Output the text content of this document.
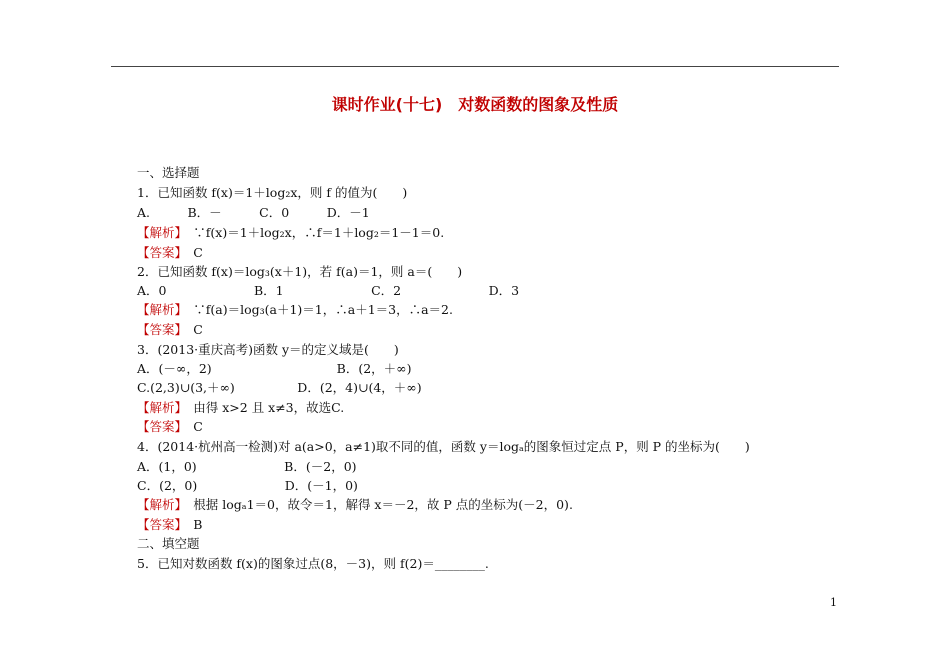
课时作业(十七)　对数函数的图象及性质
一、选择题
1．已知函数 f(x)＝1＋log₂x，则 f 的值为(　　)
A.　　　B．－　　　C．0　　　D．－1
【解析】　∵f(x)＝1＋log₂x，∴f＝1＋log₂＝1－1＝0.
【答案】　C
2．已知函数 f(x)＝log₃(x＋1)，若 f(a)＝1，则 a＝(　　)
A．0　　　　　　　B．1　　　　　　　C．2　　　　　　　D．3
【解析】　∵f(a)＝log₃(a＋1)＝1，∴a＋1＝3，∴a＝2.
【答案】　C
3．(2013·重庆高考)函数 y＝的定义域是(　　)
A．(－∞，2)　　　　　　　　　　B．(2，＋∞)
C.(2,3)∪(3,＋∞)　　　　　D．(2，4)∪(4，＋∞)
【解析】　由得 x>2 且 x≠3，故选C.
【答案】　C
4．(2014·杭州高一检测)对 a(a>0，a≠1)取不同的值，函数 y＝logₐ的图象恒过定点 P，则 P 的坐标为(　　)
A．(1，0)　　　　　　　B．(－2，0)
C．(2，0)　　　　　　　D．(－1，0)
【解析】　根据 logₐ1＝0，故令＝1，解得 x＝－2，故 P 点的坐标为(－2，0).
【答案】　B
二、填空题
5．已知对数函数 f(x)的图象过点(8，－3)，则 f(2)＝________.
1
